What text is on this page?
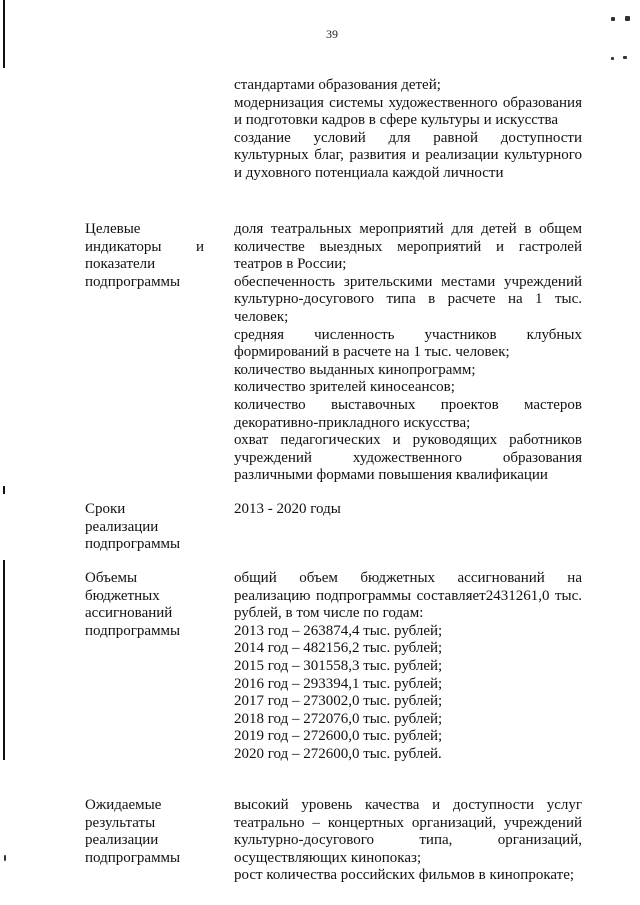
39
стандартами образования детей;
модернизация системы художественного образования и подготовки кадров в сфере культуры и искусства
создание условий для равной доступности культурных благ, развития и реализации культурного и духовного потенциала каждой личности
Целевые
индикаторы и
показатели
подпрограммы
доля театральных мероприятий для детей в общем количестве выездных мероприятий и гастролей театров в России;
обеспеченность зрительскими местами учреждений культурно-досугового типа в расчете на 1 тыс. человек;
средняя численность участников клубных формирований в расчете на 1 тыс. человек;
количество выданных кинопрограмм;
количество зрителей киносеансов;
количество выставочных проектов мастеров декоративно-прикладного искусства;
охват педагогических и руководящих работников учреждений художественного образования различными формами повышения квалификации
Сроки
реализации
подпрограммы
2013 - 2020 годы
Объемы
бюджетных
ассигнований
подпрограммы
общий объем бюджетных ассигнований на реализацию подпрограммы составляет2431261,0 тыс. рублей, в том числе по годам:
2013 год – 263874,4 тыс. рублей;
2014 год – 482156,2 тыс. рублей;
2015 год – 301558,3 тыс. рублей;
2016 год – 293394,1 тыс. рублей;
2017 год – 273002,0 тыс. рублей;
2018 год – 272076,0 тыс. рублей;
2019 год – 272600,0 тыс. рублей;
2020 год – 272600,0 тыс. рублей.
Ожидаемые
результаты
реализации
подпрограммы
высокий уровень качества и доступности услуг театрально – концертных организаций, учреждений культурно-досугового типа, организаций, осуществляющих кинопоказ;
рост количества российских фильмов в кинопрокате;
